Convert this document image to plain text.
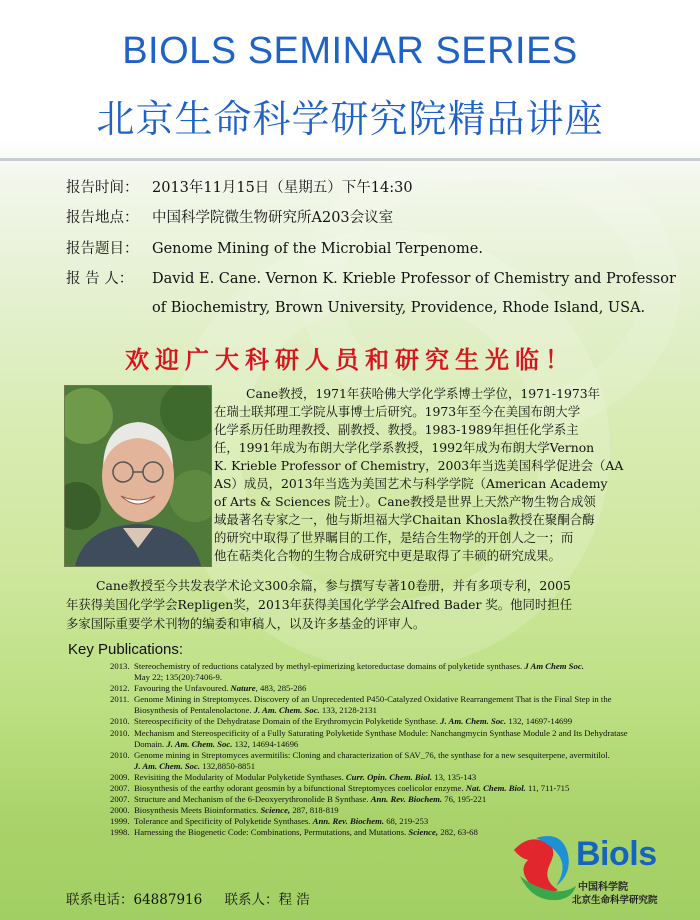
BIOLS SEMINAR SERIES
北京生命科学研究院精品讲座
报告时间： 2013年11月15日（星期五）下午14:30
报告地点： 中国科学院微生物研究所A203会议室
报告题目： Genome Mining of the Microbial Terpenome.
报 告 人： David E. Cane. Vernon K. Krieble Professor of Chemistry and Professor
of Biochemistry, Brown University, Providence, Rhode Island, USA.
欢迎广大科研人员和研究生光临！
Cane教授，1971年获哈佛大学化学系博士学位，1971-1973年
在瑞士联邦理工学院从事博士后研究。1973年至今在美国布朗大学
化学系历任助理教授、副教授、教授。1983-1989年担任化学系主
任，1991年成为布朗大学化学系教授，1992年成为布朗大学Vernon
K. Krieble Professor of Chemistry，2003年当选美国科学促进会（AA
AS）成员，2013年当选为美国艺术与科学学院（American Academy
of Arts & Sciences 院士）。Cane教授是世界上天然产物生物合成领
域最著名专家之一，他与斯坦福大学Chaitan Khosla教授在聚酮合酶
的研究中取得了世界瞩目的工作，是结合生物学的开创人之一；而
他在萜类化合物的生物合成研究中更是取得了丰硕的研究成果。
Cane教授至今共发表学术论文300余篇，参与撰写专著10卷册，并有多项专利，2005
年获得美国化学学会Repligen奖，2013年获得美国化学学会Alfred Bader 奖。他同时担任
多家国际重要学术刊物的编委和审稿人，以及许多基金的评审人。
Key Publications:
2013. Stereochemistry of reductions catalyzed by methyl-epimerizing ketoreductase domains of polyketide synthases. J Am Chem Soc.
May 22; 135(20):7406-9.
2012. Favouring the Unfavoured. Nature, 483, 285-286
2011. Genome Mining in Streptomyces. Discovery of an Unprecedented P450-Catalyzed Oxidative Rearrangement That is the Final Step in the
Biosynthesis of Pentalenolactone. J. Am. Chem. Soc. 133, 2128-2131
2010. Stereospecificity of the Dehydratase Domain of the Erythromycin Polyketide Synthase. J. Am. Chem. Soc. 132, 14697-14699
2010. Mechanism and Stereospecificity of a Fully Saturating Polyketide Synthase Module: Nanchangmycin Synthase Module 2 and Its Dehydratase
Domain. J. Am. Chem. Soc. 132, 14694-14696
2010. Genome mining in Streptomyces avermitilis: Cloning and characterization of SAV_76, the synthase for a new sesquiterpene, avermitilol.
J. Am. Chem. Soc. 132,8850-8851
2009. Revisiting the Modularity of Modular Polyketide Synthases. Curr. Opin. Chem. Biol. 13, 135-143
2007. Biosynthesis of the earthy odorant geosmin by a bifunctional Streptomyces coelicolor enzyme. Nat. Chem. Biol. 11, 711-715
2007. Structure and Mechanism of the 6-Deoxyerythronolide B Synthase. Ann. Rev. Biochem. 76, 195-221
2000. Biosynthesis Meets Bioinformatics. Science, 287, 818-819
1999. Tolerance and Specificity of Polyketide Synthases. Ann. Rev. Biochem. 68, 219-253
1998. Harnessing the Biogenetic Code: Combinations, Permutations, and Mutations. Science, 282, 63-68
联系电话：64887916 联系人：程 浩
Biols
中国科学院
北京生命科学研究院
